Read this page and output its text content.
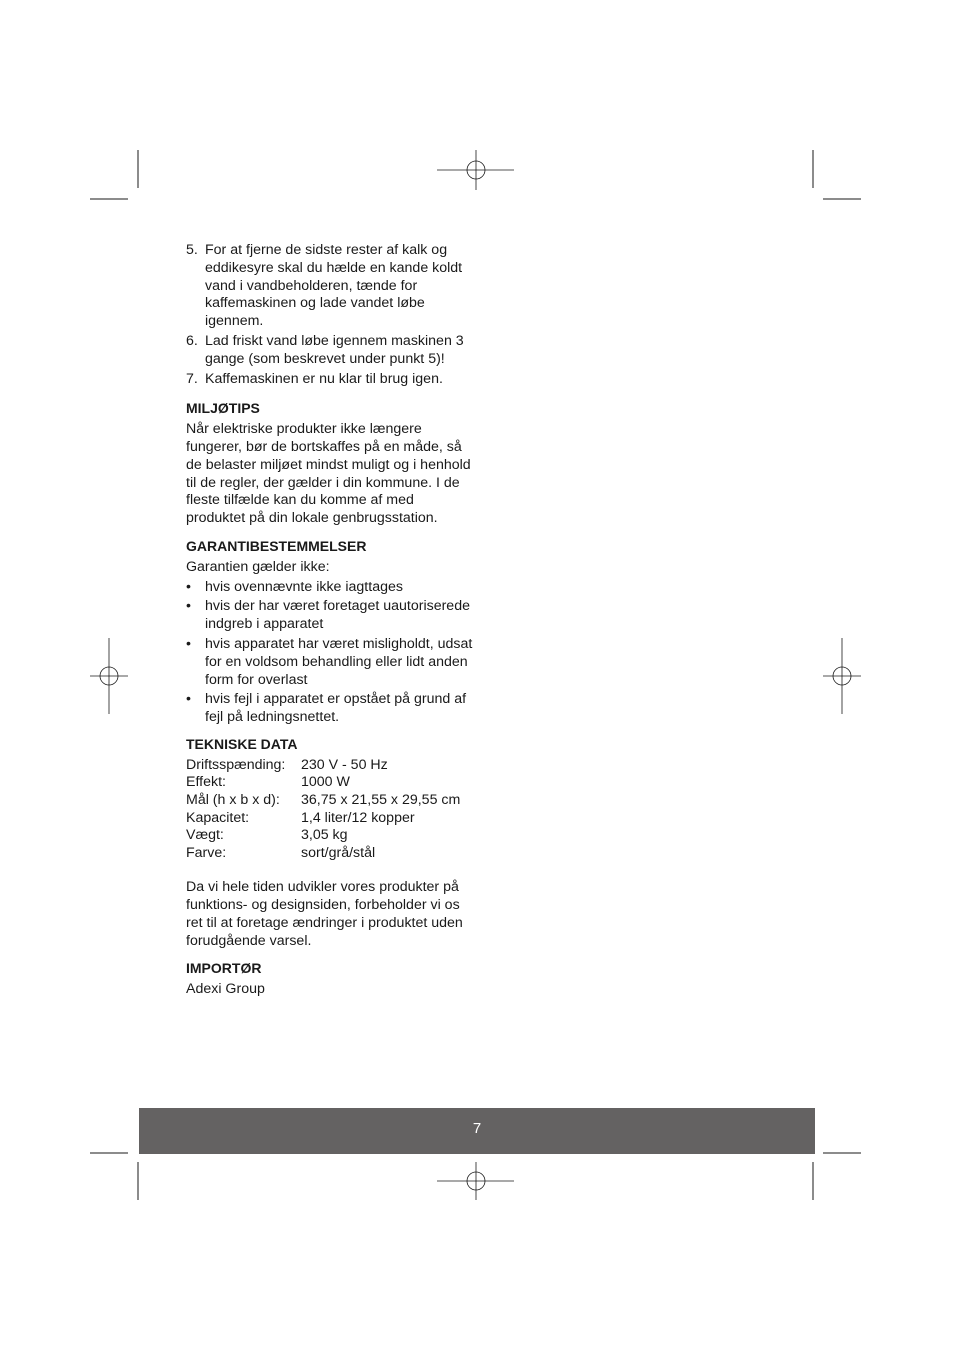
5. For at fjerne de sidste rester af kalk og eddikesyre skal du hælde en kande koldt vand i vandbeholderen, tænde for kaffemaskinen og lade vandet løbe igennem.
6. Lad friskt vand løbe igennem maskinen 3 gange (som beskrevet under punkt 5)!
7. Kaffemaskinen er nu klar til brug igen.
MILJØTIPS

Når elektriske produkter ikke længere fungerer, bør de bortskaffes på en måde, så de belaster miljøet mindst muligt og i henhold til de regler, der gælder i din kommune. I de fleste tilfælde kan du komme af med produktet på din lokale genbrugsstation.

GARANTIBESTEMMELSER

Garantien gælder ikke:

• hvis ovennævnte ikke iagttages
• hvis der har været foretaget uautoriserede indgreb i apparatet
• hvis apparatet har været misligholdt, udsat for en voldsom behandling eller lidt anden form for overlast
• hvis fejl i apparatet er opstået på grund af fejl på ledningsnettet.
TEKNISKE DATA
Driftsspænding:	230 V - 50 Hz
Effekt:	1000 W
Mål (h x b x d):	36,75 x 21,55 x 29,55 cm
Kapacitet:	1,4 liter/12 kopper
Vægt:	3,05 kg
Farve:	sort/grå/stål

Da vi hele tiden udvikler vores produkter på funktions- og designsiden, forbeholder vi os ret til at foretage ændringer i produktet uden forudgående varsel.

IMPORTØR

Adexi Group

7
